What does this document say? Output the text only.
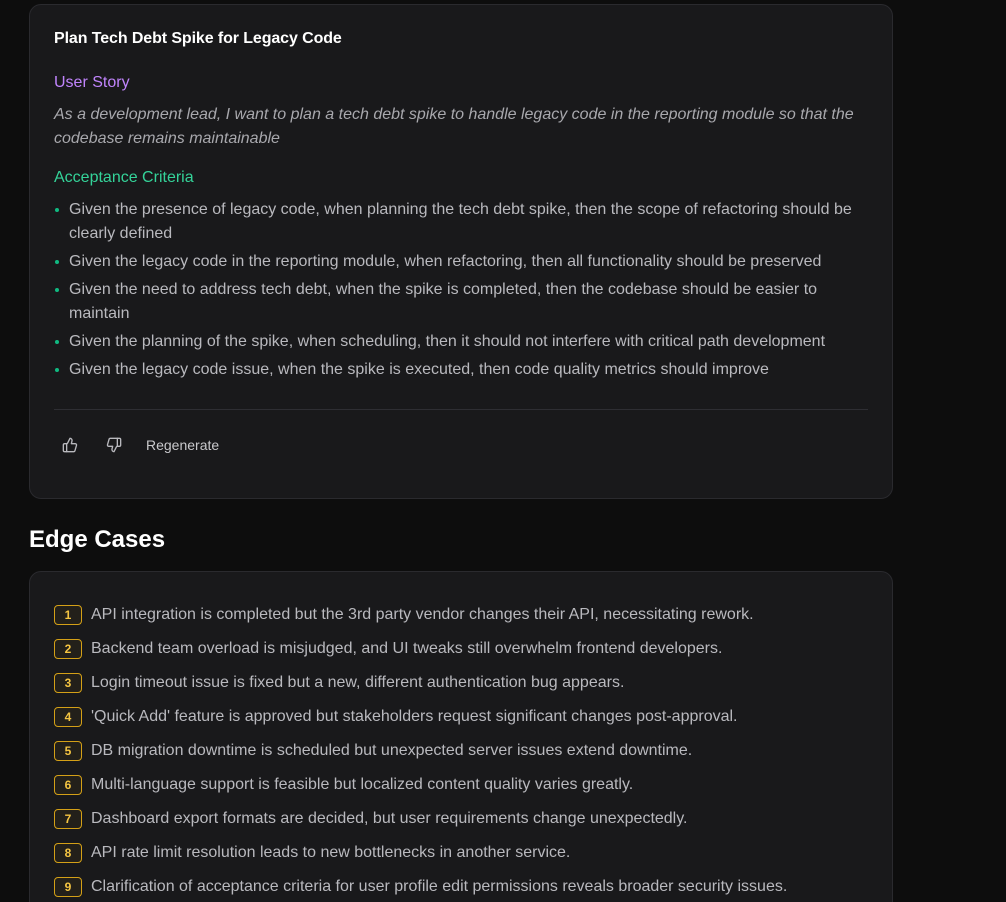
Plan Tech Debt Spike for Legacy Code
User Story

As a development lead, I want to plan a tech debt spike to handle legacy code in the reporting module so that the codebase remains maintainable

Acceptance Criteria
Given the presence of legacy code, when planning the tech debt spike, then the scope of refactoring should be clearly defined
Given the legacy code in the reporting module, when refactoring, then all functionality should be preserved
Given the need to address tech debt, when the spike is completed, then the codebase should be easier to maintain
Given the planning of the spike, when scheduling, then it should not interfere with critical path development
Given the legacy code issue, when the spike is executed, then code quality metrics should improve
Regenerate
Edge Cases
1	API integration is completed but the 3rd party vendor changes their API, necessitating rework.
2	Backend team overload is misjudged, and UI tweaks still overwhelm frontend developers.
3	Login timeout issue is fixed but a new, different authentication bug appears.
4	'Quick Add' feature is approved but stakeholders request significant changes post-approval.
5	DB migration downtime is scheduled but unexpected server issues extend downtime.
6	Multi-language support is feasible but localized content quality varies greatly.
7	Dashboard export formats are decided, but user requirements change unexpectedly.
8	API rate limit resolution leads to new bottlenecks in another service.
9	Clarification of acceptance criteria for user profile edit permissions reveals broader security issues.
